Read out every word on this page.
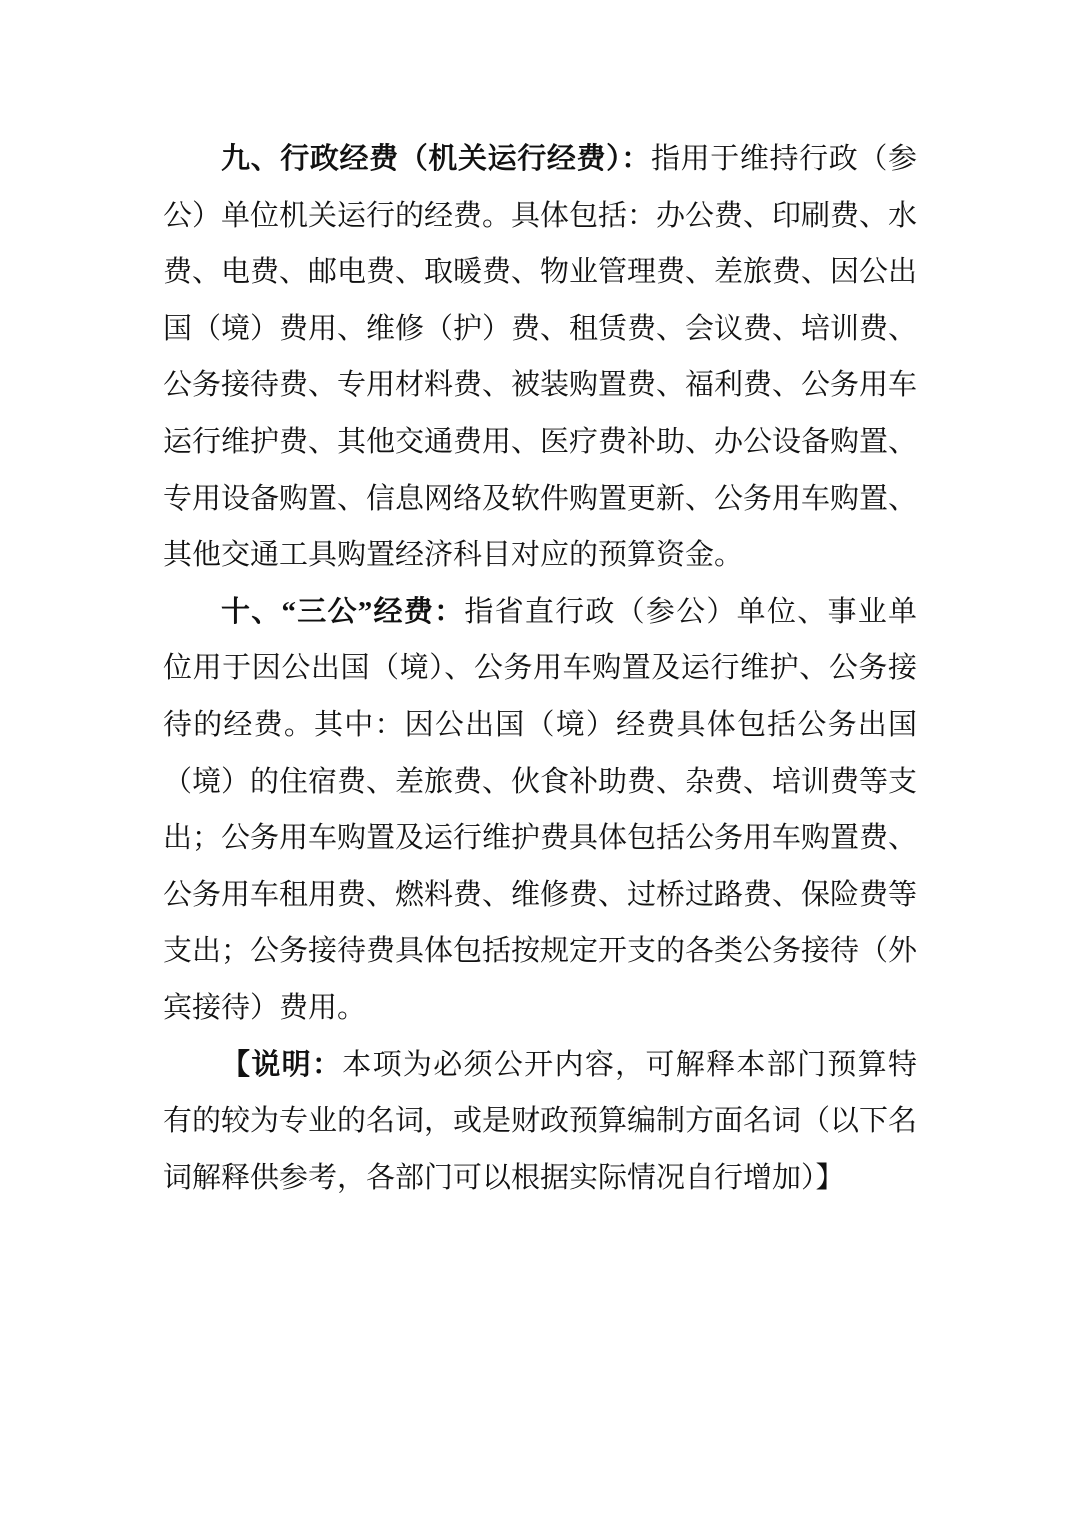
九、行政经费（机关运行经费）：指用于维持行政（参公）单位机关运行的经费。具体包括：办公费、印刷费、水费、电费、邮电费、取暖费、物业管理费、差旅费、因公出国（境）费用、维修（护）费、租赁费、会议费、培训费、公务接待费、专用材料费、被装购置费、福利费、公务用车运行维护费、其他交通费用、医疗费补助、办公设备购置、专用设备购置、信息网络及软件购置更新、公务用车购置、其他交通工具购置经济科目对应的预算资金。

十、“三公”经费：指省直行政（参公）单位、事业单位用于因公出国（境）、公务用车购置及运行维护、公务接待的经费。其中：因公出国（境）经费具体包括公务出国（境）的住宿费、差旅费、伙食补助费、杂费、培训费等支出；公务用车购置及运行维护费具体包括公务用车购置费、公务用车租用费、燃料费、维修费、过桥过路费、保险费等支出；公务接待费具体包括按规定开支的各类公务接待（外宾接待）费用。

【说明：本项为必须公开内容，可解释本部门预算特有的较为专业的名词，或是财政预算编制方面名词（以下名词解释供参考，各部门可以根据实际情况自行增加）】
